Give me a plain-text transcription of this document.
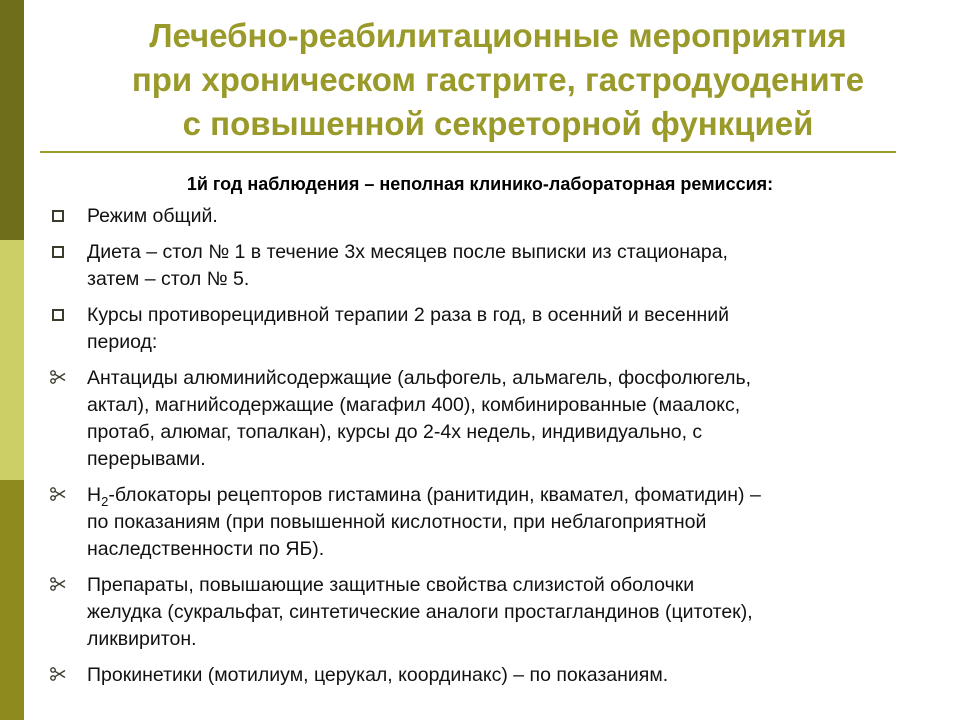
Лечебно-реабилитационные мероприятия
при хроническом гастрите, гастродуодените
с повышенной секреторной функцией
1й год наблюдения – неполная клинико-лабораторная ремиссия:
Режим общий.
Диета – стол № 1 в течение 3х месяцев после выписки из стационара,
затем – стол № 5.
Курсы противорецидивной терапии 2 раза в год, в осенний и весенний
период:
Антациды алюминийсодержащие (альфогель, альмагель, фосфолюгель,
актал), магнийсодержащие (магафил 400), комбинированные (маалокс,
протаб, алюмаг, топалкан), курсы до 2-4х недель, индивидуально, с
перерывами.
$Н_2$-блокаторы рецепторов гистамина (ранитидин, квамател, фоматидин) –
по показаниям (при повышенной кислотности, при неблагоприятной
наследственности по ЯБ).
Препараты, повышающие защитные свойства слизистой оболочки
желудка (сукральфат, синтетические аналоги простагландинов (цитотек),
ликвиритон.
Прокинетики (мотилиум, церукал, координакс) – по показаниям.
